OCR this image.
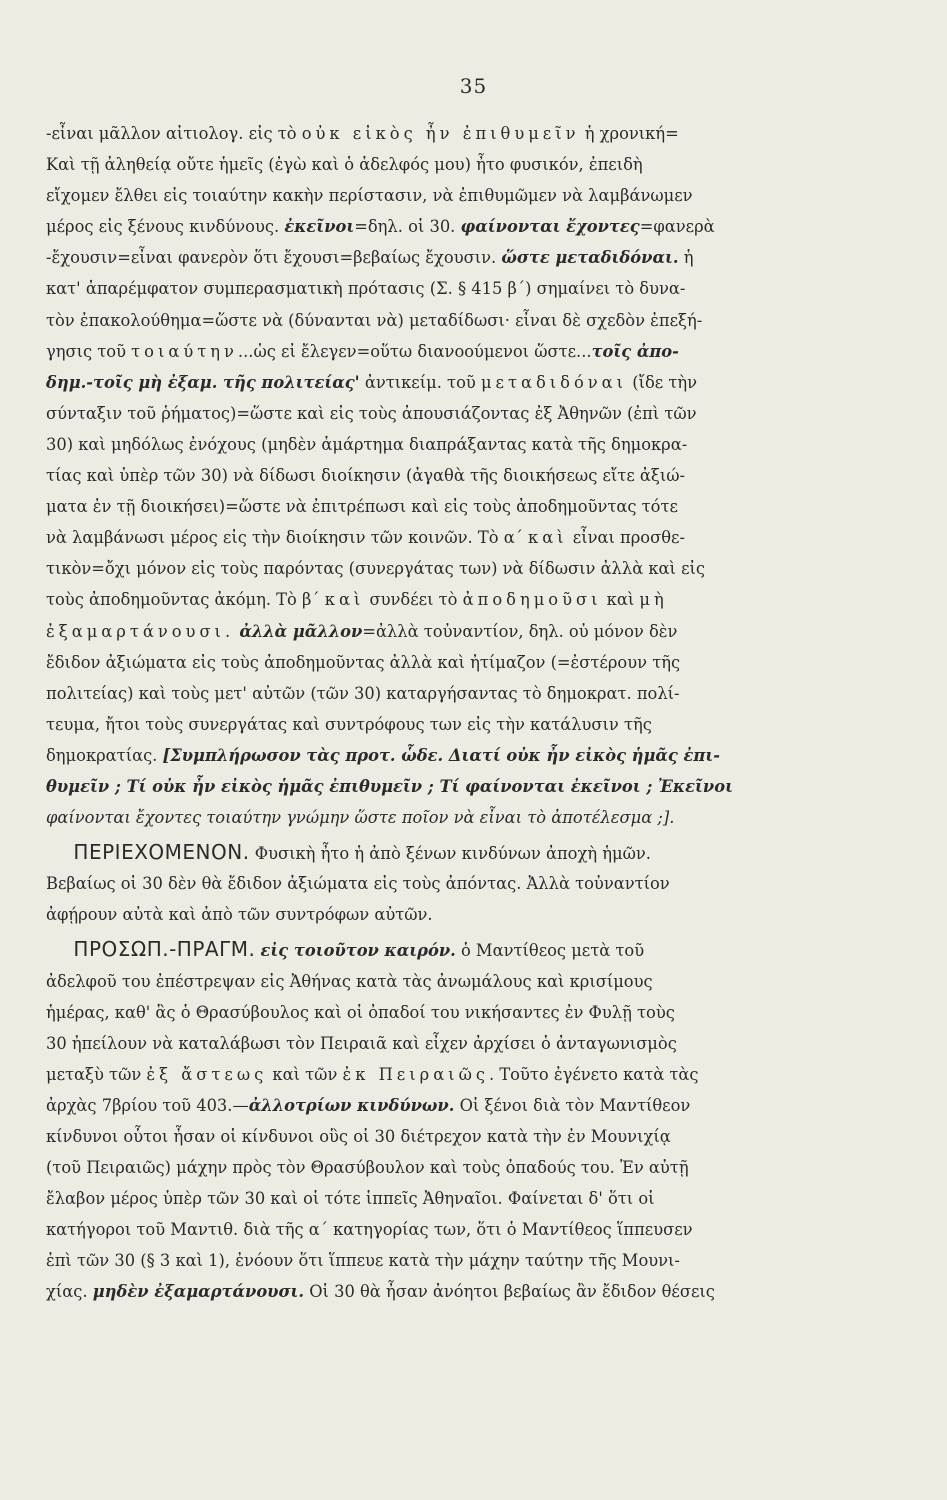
35
-εἶναι μᾶλλον αἰτιολογ. εἰς τὸ οὐκ εἰκὸς ἦν ἐπιθυμεῖν ἡ χρονική=
Καὶ τῇ ἀληθείᾳ οὔτε ἡμεῖς (ἐγὼ καὶ ὁ ἀδελφός μου) ἦτο φυσικόν, ἐπειδὴ
εἴχομεν ἔλθει εἰς τοιαύτην κακὴν περίστασιν, νὰ ἐπιθυμῶμεν νὰ λαμβάνωμεν
μέρος εἰς ξένους κινδύνους. ἐκεῖνοι=δηλ. οἱ 30. φαίνονται ἔχοντες=φανερὰ
-ἔχουσιν=εἶναι φανερὸν ὅτι ἔχουσι=βεβαίως ἔχουσιν. ὥστε μεταδιδόναι. ἡ
κατ' ἀπαρέμφατον συμπερασματικὴ πρότασις (Σ. § 415 β΄) σημαίνει τὸ δυνα-
τὸν ἐπακολούθημα=ὥστε νὰ (δύνανται νὰ) μεταδίδωσι· εἶναι δὲ σχεδὸν ἐπεξή-
γησις τοῦ τοιαύτην...ὡς εἰ ἔλεγεν=οὕτω διανοούμενοι ὥστε...τοῖς ἀπο-
δημ.-τοῖς μὴ ἐξαμ. τῆς πολιτείας' ἀντικείμ. τοῦ μεταδιδόναι (ἴδε τὴν
σύνταξιν τοῦ ῥήματος)=ὥστε καὶ εἰς τοὺς ἀπουσιάζοντας ἐξ Ἀθηνῶν (ἐπὶ τῶν
30) καὶ μηδόλως ἐνόχους (μηδὲν ἁμάρτημα διαπράξαντας κατὰ τῆς δημοκρα-
τίας καὶ ὑπὲρ τῶν 30) νὰ δίδωσι διοίκησιν (ἀγαθὰ τῆς διοικήσεως εἴτε ἀξιώ-
ματα ἐν τῇ διοικήσει)=ὥστε νὰ ἐπιτρέπωσι καὶ εἰς τοὺς ἀποδημοῦντας τότε
νὰ λαμβάνωσι μέρος εἰς τὴν διοίκησιν τῶν κοινῶν. Τὸ α΄ καὶ εἶναι προσθε-
τικὸν=ὄχι μόνον εἰς τοὺς παρόντας (συνεργάτας των) νὰ δίδωσιν ἀλλὰ καὶ εἰς
τοὺς ἀποδημοῦντας ἀκόμη. Τὸ β΄ καὶ συνδέει τὸ ἀποδημοῦσι καὶ μὴ
ἐξαμαρτάνουσι. ἀλλὰ μᾶλλον=ἀλλὰ τοὐναντίον, δηλ. οὐ μόνον δὲν
ἔδιδον ἀξιώματα εἰς τοὺς ἀποδημοῦντας ἀλλὰ καὶ ἠτίμαζον (=ἐστέρουν τῆς
πολιτείας) καὶ τοὺς μετ' αὐτῶν (τῶν 30) καταργήσαντας τὸ δημοκρατ. πολί-
τευμα, ἤτοι τοὺς συνεργάτας καὶ συντρόφους των εἰς τὴν κατάλυσιν τῆς
δημοκρατίας. [Συμπλήρωσον τὰς προτ. ὧδε. Διατί οὐκ ἦν εἰκὸς ἡμᾶς ἐπι-
θυμεῖν ; Τί οὐκ ἦν εἰκὸς ἡμᾶς ἐπιθυμεῖν ; Τί φαίνονται ἐκεῖνοι ; Ἐκεῖνοι
φαίνονται ἔχοντες τοιαύτην γνώμην ὥστε ποῖον νὰ εἶναι τὸ ἀποτέλεσμα ;].
ΠΕΡΙΕΧΟΜΕΝΟΝ. Φυσικὴ ἦτο ἡ ἀπὸ ξένων κινδύνων ἀποχὴ ἡμῶν.
Βεβαίως οἱ 30 δὲν θὰ ἔδιδον ἀξιώματα εἰς τοὺς ἀπόντας. Ἀλλὰ τοὐναντίον
ἀφῄρουν αὐτὰ καὶ ἀπὸ τῶν συντρόφων αὐτῶν.
ΠΡΟΣΩΠ.-ΠΡΑΓΜ. εἰς τοιοῦτον καιρόν. ὁ Μαντίθεος μετὰ τοῦ
ἀδελφοῦ του ἐπέστρεψαν εἰς Ἀθήνας κατὰ τὰς ἀνωμάλους καὶ κρισίμους
ἡμέρας, καθ' ἃς ὁ Θρασύβουλος καὶ οἱ ὀπαδοί του νικήσαντες ἐν Φυλῇ τοὺς
30 ἠπείλουν νὰ καταλάβωσι τὸν Πειραιᾶ καὶ εἶχεν ἀρχίσει ὁ ἀνταγωνισμὸς
μεταξὺ τῶν ἐξ ἄστεως καὶ τῶν ἐκ Πειραιῶς. Τοῦτο ἐγένετο κατὰ τὰς
ἀρχὰς 7βρίου τοῦ 403.—ἀλλοτρίων κινδύνων. Οἱ ξένοι διὰ τὸν Μαντίθεον
κίνδυνοι οὗτοι ἦσαν οἱ κίνδυνοι οὓς οἱ 30 διέτρεχον κατὰ τὴν ἐν Μουνιχίᾳ
(τοῦ Πειραιῶς) μάχην πρὸς τὸν Θρασύβουλον καὶ τοὺς ὀπαδούς του. Ἐν αὐτῇ
ἔλαβον μέρος ὑπὲρ τῶν 30 καὶ οἱ τότε ἱππεῖς Ἀθηναῖοι. Φαίνεται δ' ὅτι οἱ
κατήγοροι τοῦ Μαντιθ. διὰ τῆς α΄ κατηγορίας των, ὅτι ὁ Μαντίθεος ἵππευσεν
ἐπὶ τῶν 30 (§ 3 καὶ 1), ἐνόουν ὅτι ἵππευε κατὰ τὴν μάχην ταύτην τῆς Μουνι-
χίας. μηδὲν ἐξαμαρτάνουσι. Οἱ 30 θὰ ἦσαν ἀνόητοι βεβαίως ἂν ἔδιδον θέσεις
